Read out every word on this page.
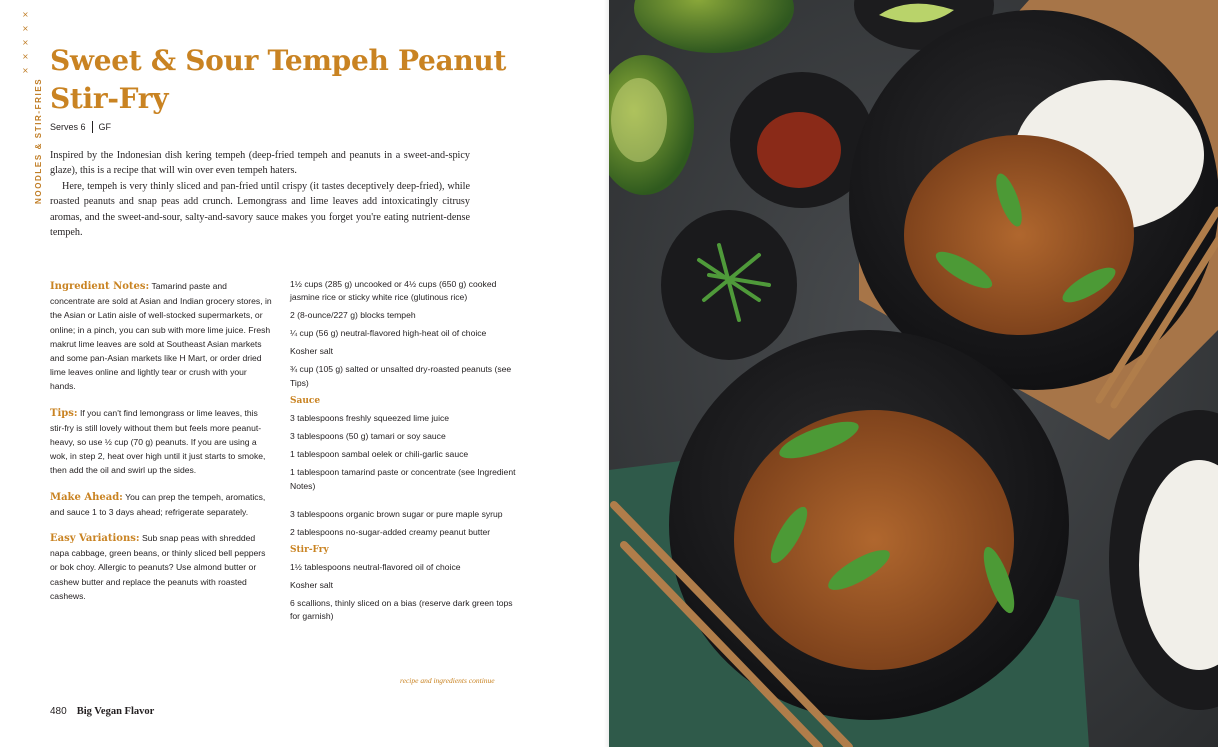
×
×
×
×
×
NOODLES & STIR-FRIES
Sweet & Sour Tempeh Peanut
Stir-Fry
Serves 6 GF

Inspired by the Indonesian dish kering tempeh (deep-fried tempeh and peanuts in a sweet-and-spicy glaze), this is a recipe that will win over even tempeh haters.

Here, tempeh is very thinly sliced and pan-fried until crispy (it tastes deceptively deep-fried), while roasted peanuts and snap peas add crunch. Lemongrass and lime leaves add intoxicatingly citrusy aromas, and the sweet-and-sour, salty-and-savory sauce makes you forget you're eating nutrient-dense tempeh.

Ingredient Notes: Tamarind paste and concentrate are sold at Asian and Indian grocery stores, in the Asian or Latin aisle of well-stocked supermarkets, or online; in a pinch, you can sub with more lime juice. Fresh makrut lime leaves are sold at Southeast Asian markets and some pan-Asian markets like H Mart, or order dried lime leaves online and lightly tear or crush with your hands.

Tips: If you can't find lemongrass or lime leaves, this stir-fry is still lovely without them but feels more peanut-heavy, so use ½ cup (70 g) peanuts. If you are using a wok, in step 2, heat over high until it just starts to smoke, then add the oil and swirl up the sides.

Make Ahead: You can prep the tempeh, aromatics, and sauce 1 to 3 days ahead; refrigerate separately.

Easy Variations: Sub snap peas with shredded napa cabbage, green beans, or thinly sliced bell peppers or bok choy. Allergic to peanuts? Use almond butter or cashew butter and replace the peanuts with roasted cashews.

1½ cups (285 g) uncooked or 4½ cups (650 g) cooked jasmine rice or sticky white rice (glutinous rice)
2 (8-ounce/227 g) blocks tempeh
¼ cup (56 g) neutral-flavored high-heat oil of choice
Kosher salt
¾ cup (105 g) salted or unsalted dry-roasted peanuts (see Tips)
Sauce
3 tablespoons freshly squeezed lime juice
3 tablespoons (50 g) tamari or soy sauce
1 tablespoon sambal oelek or chili-garlic sauce
1 tablespoon tamarind paste or concentrate (see Ingredient Notes)
3 tablespoons organic brown sugar or pure maple syrup
2 tablespoons no-sugar-added creamy peanut butter
Stir-Fry
1½ tablespoons neutral-flavored oil of choice
Kosher salt
6 scallions, thinly sliced on a bias (reserve dark green tops for garnish)
recipe and ingredients continue
480 Big Vegan Flavor
